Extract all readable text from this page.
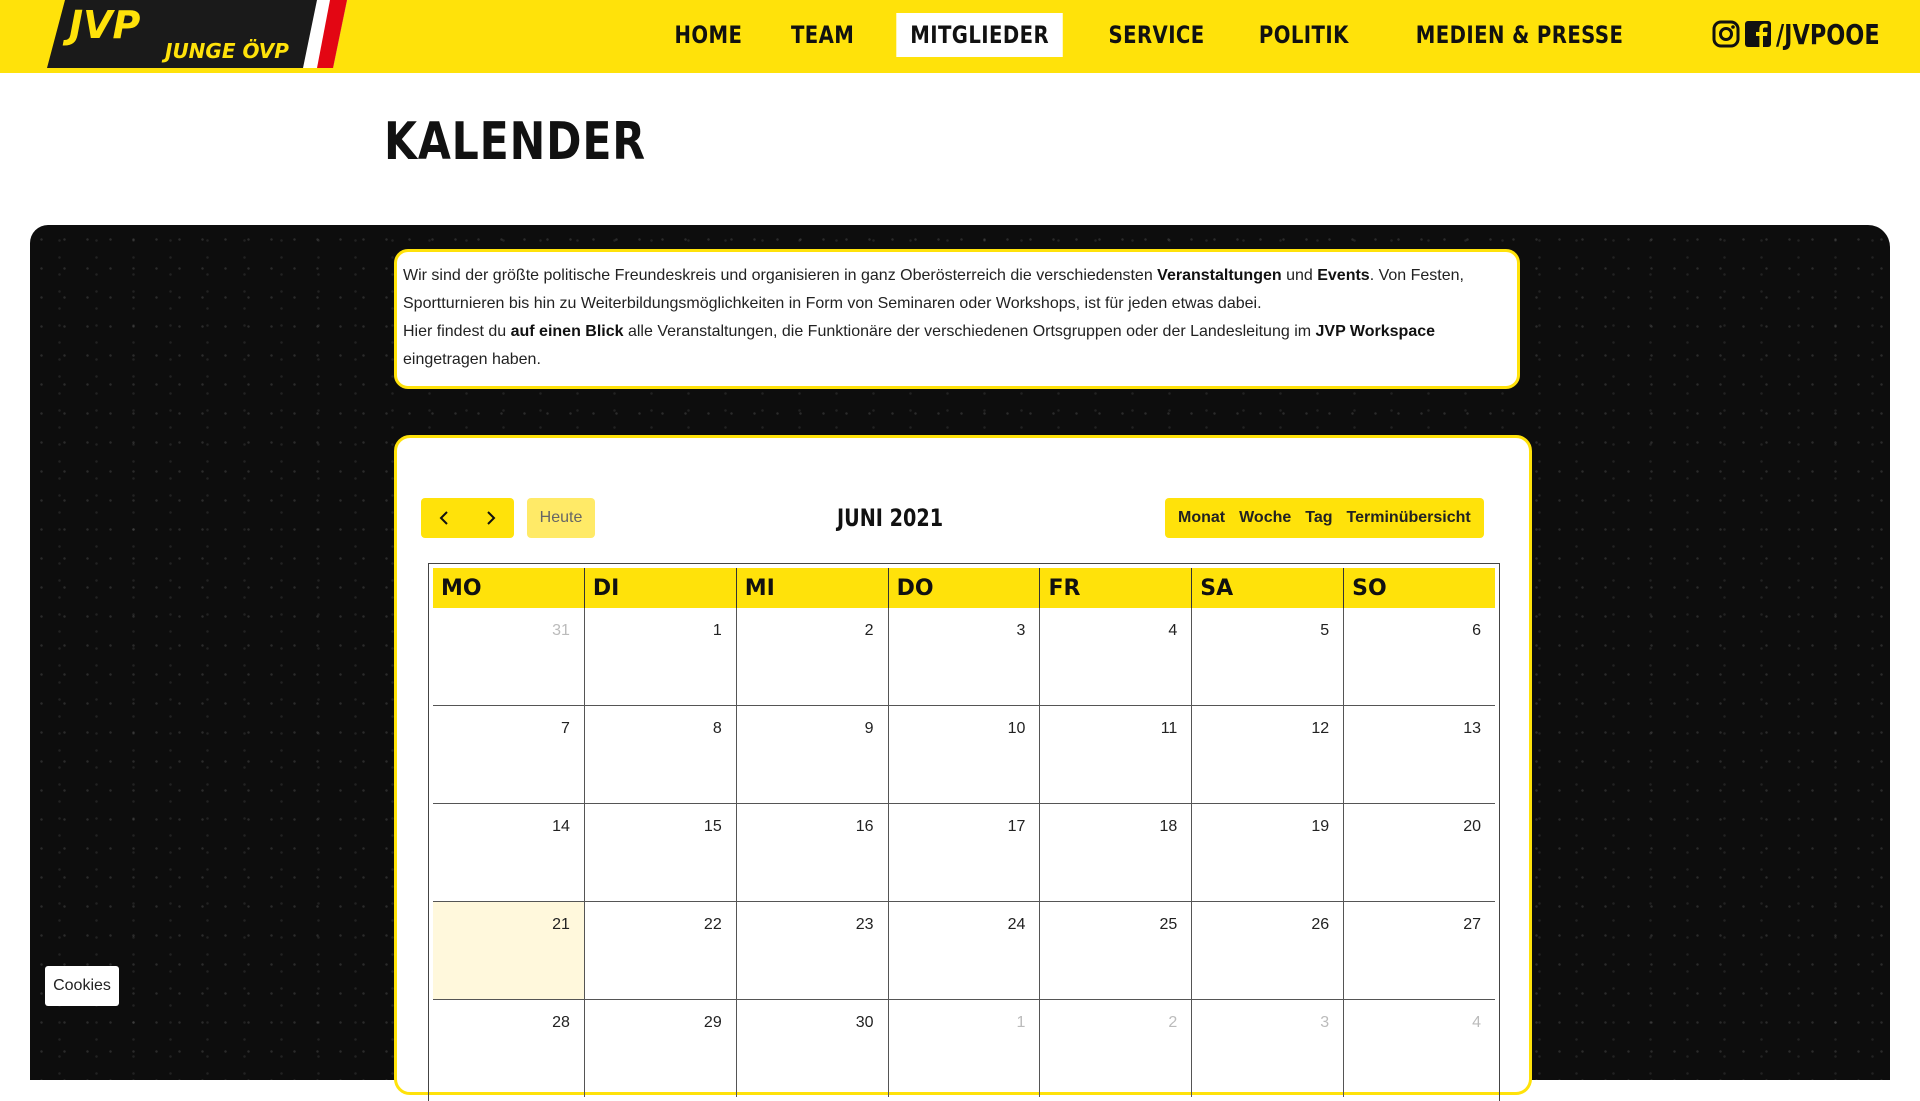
JVP
JUNGE ÖVP
HOME	TEAM	MITGLIEDER	SERVICE	POLITIK	MEDIEN & PRESSE	/JVPOOE
KALENDER
Wir sind der größte politische Freundeskreis und organisieren in ganz Oberösterreich die verschiedensten Veranstaltungen und Events. Von Festen, Sportturnieren bis hin zu Weiterbildungsmöglichkeiten in Form von Seminaren oder Workshops, ist für jeden etwas dabei.
Hier findest du auf einen Blick alle Veranstaltungen, die Funktionäre der verschiedenen Ortsgruppen oder der Landesleitung im JVP Workspace eingetragen haben.
Heute	JUNI 2021	Monat Woche Tag Terminübersicht
MO	DI	MI	DO	FR	SA	SO
31	1	2	3	4	5	6
7	8	9	10	11	12	13
14	15	16	17	18	19	20
21	22	23	24	25	26	27
28	29	30	1	2	3	4
Cookies
